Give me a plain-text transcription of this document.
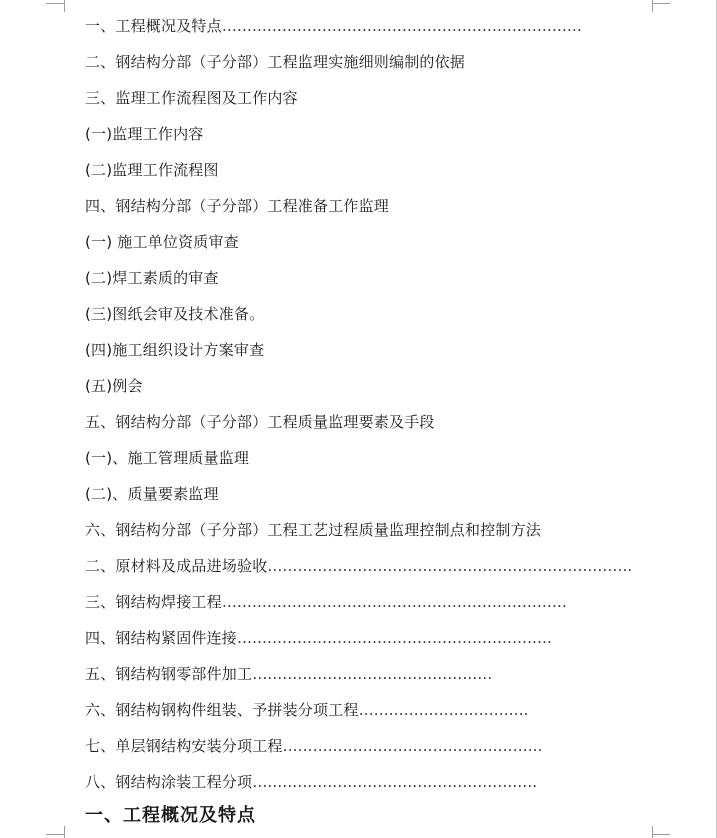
一、工程概况及特点………………………………………………………………
二、钢结构分部（子分部）工程监理实施细则编制的依据
三、监理工作流程图及工作内容
(一)监理工作内容
(二)监理工作流程图
四、钢结构分部（子分部）工程准备工作监理
(一) 施工单位资质审查
(二)焊工素质的审查
(三)图纸会审及技术准备。
(四)施工组织设计方案审查
(五)例会
五、钢结构分部（子分部）工程质量监理要素及手段
(一)、施工管理质量监理
(二)、质量要素监理
六、钢结构分部（子分部）工程工艺过程质量监理控制点和控制方法
二、原材料及成品进场验收……………………………………………………………….
三、钢结构焊接工程……………………………………………………………
四、钢结构紧固件连接………………………………………………………
五、钢结构钢零部件加工…………………………………………
六、钢结构钢构件组装、予拼装分项工程…………………………….
七、单层钢结构安装分项工程…………………………………………….
八、钢结构涂装工程分项…………………………………………………
一、工程概况及特点
